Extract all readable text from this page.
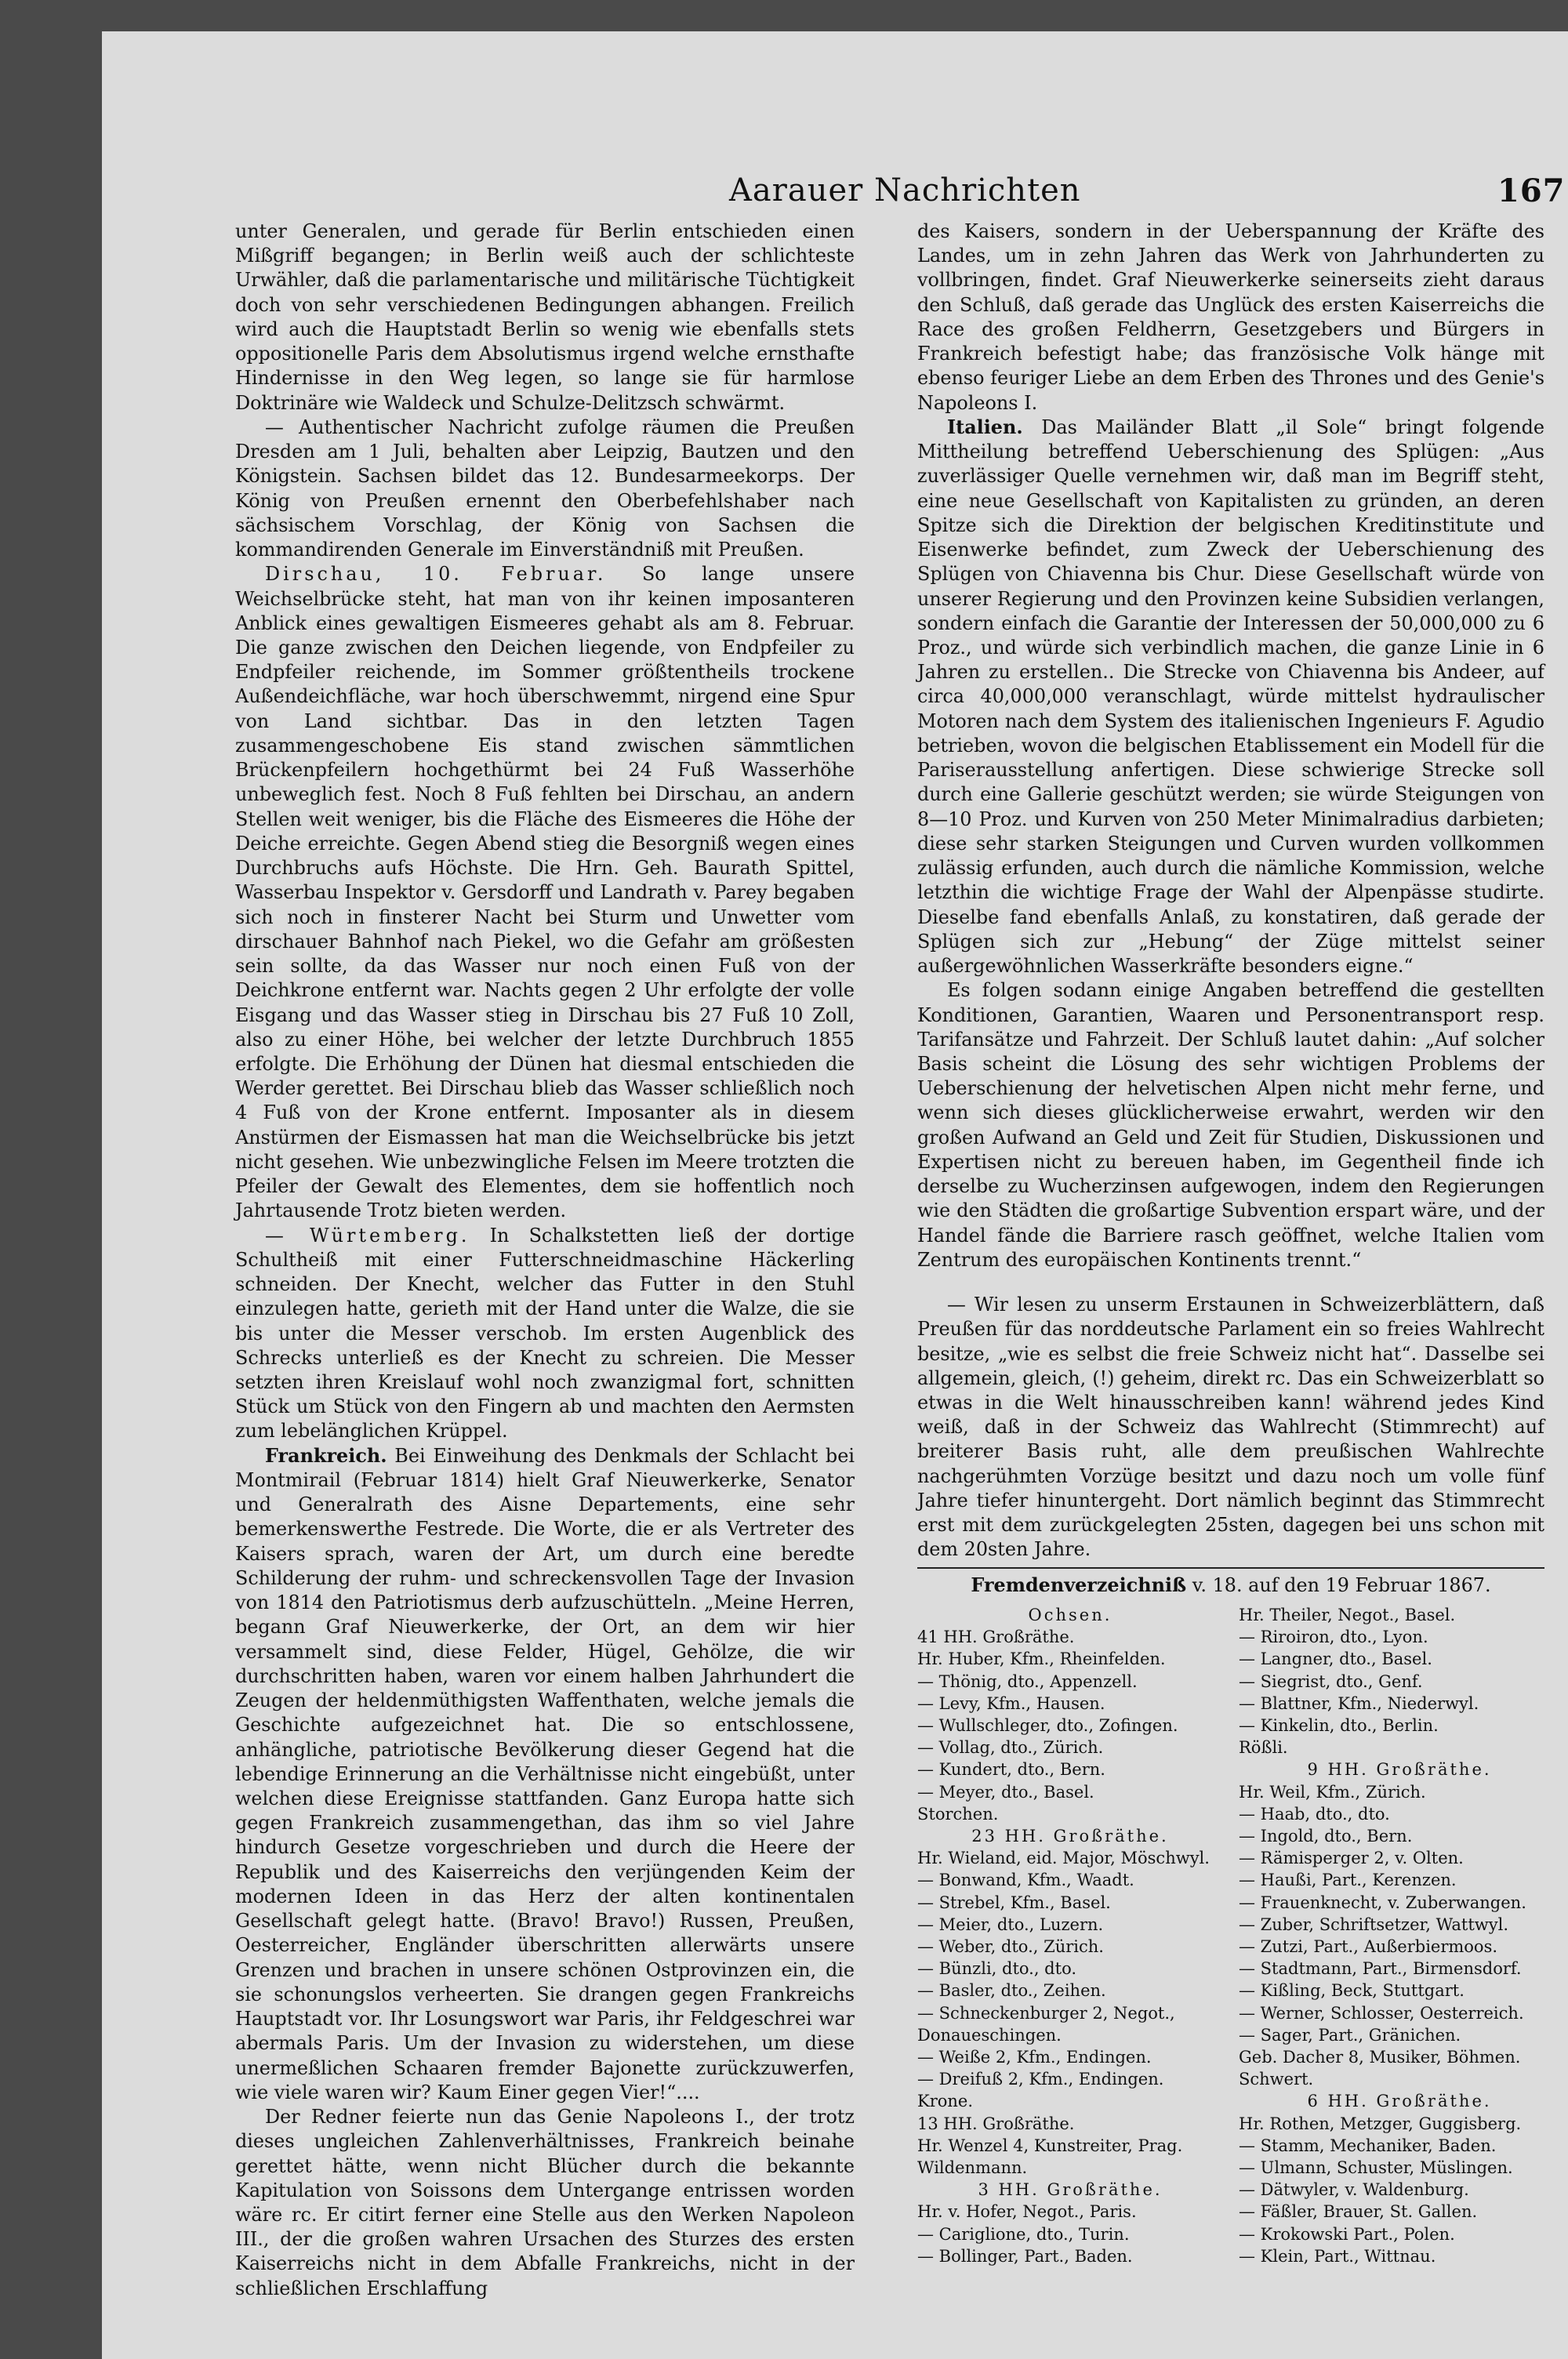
Aarauer Nachrichten	167

unter Generalen, und gerade für Berlin entschieden einen Mißgriff begangen; in Berlin weiß auch der schlichteste Urwähler, daß die parlamentarische und militärische Tüchtigkeit doch von sehr verschiedenen Bedingungen abhangen. Freilich wird auch die Hauptstadt Berlin so wenig wie ebenfalls stets oppositionelle Paris dem Absolutismus irgend welche ernsthafte Hindernisse in den Weg legen, so lange sie für harmlose Doktrinäre wie Waldeck und Schulze-Delitzsch schwärmt.

— Authentischer Nachricht zufolge räumen die Preußen Dresden am 1 Juli, behalten aber Leipzig, Bautzen und den Königstein. Sachsen bildet das 12. Bundesarmeekorps. Der König von Preußen ernennt den Oberbefehlshaber nach sächsischem Vorschlag, der König von Sachsen die kommandirenden Generale im Einverständniß mit Preußen.

Dirschau, 10. Februar. So lange unsere Weichselbrücke steht, hat man von ihr keinen imposanteren Anblick eines gewaltigen Eismeeres gehabt als am 8. Februar. Die ganze zwischen den Deichen liegende, von Endpfeiler zu Endpfeiler reichende, im Sommer größtentheils trockene Außendeichfläche, war hoch überschwemmt, nirgend eine Spur von Land sichtbar. Das in den letzten Tagen zusammengeschobene Eis stand zwischen sämmtlichen Brückenpfeilern hochgethürmt bei 24 Fuß Wasserhöhe unbeweglich fest. Noch 8 Fuß fehlten bei Dirschau, an andern Stellen weit weniger, bis die Fläche des Eismeeres die Höhe der Deiche erreichte. Gegen Abend stieg die Besorgniß wegen eines Durchbruchs aufs Höchste. Die Hrn. Geh. Baurath Spittel, Wasserbau Inspektor v. Gersdorff und Landrath v. Parey begaben sich noch in finsterer Nacht bei Sturm und Unwetter vom dirschauer Bahnhof nach Piekel, wo die Gefahr am größesten sein sollte, da das Wasser nur noch einen Fuß von der Deichkrone entfernt war. Nachts gegen 2 Uhr erfolgte der volle Eisgang und das Wasser stieg in Dirschau bis 27 Fuß 10 Zoll, also zu einer Höhe, bei welcher der letzte Durchbruch 1855 erfolgte. Die Erhöhung der Dünen hat diesmal entschieden die Werder gerettet. Bei Dirschau blieb das Wasser schließlich noch 4 Fuß von der Krone entfernt. Imposanter als in diesem Anstürmen der Eismassen hat man die Weichselbrücke bis jetzt nicht gesehen. Wie unbezwingliche Felsen im Meere trotzten die Pfeiler der Gewalt des Elementes, dem sie hoffentlich noch Jahrtausende Trotz bieten werden.

— Würtemberg. In Schalkstetten ließ der dortige Schultheiß mit einer Futterschneidmaschine Häckerling schneiden. Der Knecht, welcher das Futter in den Stuhl einzulegen hatte, gerieth mit der Hand unter die Walze, die sie bis unter die Messer verschob. Im ersten Augenblick des Schrecks unterließ es der Knecht zu schreien. Die Messer setzten ihren Kreislauf wohl noch zwanzigmal fort, schnitten Stück um Stück von den Fingern ab und machten den Aermsten zum lebelänglichen Krüppel.

Frankreich. Bei Einweihung des Denkmals der Schlacht bei Montmirail (Februar 1814) hielt Graf Nieuwerkerke, Senator und Generalrath des Aisne Departements, eine sehr bemerkenswerthe Festrede. Die Worte, die er als Vertreter des Kaisers sprach, waren der Art, um durch eine beredte Schilderung der ruhm- und schreckensvollen Tage der Invasion von 1814 den Patriotismus derb aufzuschütteln. „Meine Herren, begann Graf Nieuwerkerke, der Ort, an dem wir hier versammelt sind, diese Felder, Hügel, Gehölze, die wir durchschritten haben, waren vor einem halben Jahrhundert die Zeugen der heldenmüthigsten Waffenthaten, welche jemals die Geschichte aufgezeichnet hat. Die so entschlossene, anhängliche, patriotische Bevölkerung dieser Gegend hat die lebendige Erinnerung an die Verhältnisse nicht eingebüßt, unter welchen diese Ereignisse stattfanden. Ganz Europa hatte sich gegen Frankreich zusammengethan, das ihm so viel Jahre hindurch Gesetze vorgeschrieben und durch die Heere der Republik und des Kaiserreichs den verjüngenden Keim der modernen Ideen in das Herz der alten kontinentalen Gesellschaft gelegt hatte. (Bravo! Bravo!) Russen, Preußen, Oesterreicher, Engländer überschritten allerwärts unsere Grenzen und brachen in unsere schönen Ostprovinzen ein, die sie schonungslos verheerten. Sie drangen gegen Frankreichs Hauptstadt vor. Ihr Losungswort war Paris, ihr Feldgeschrei war abermals Paris. Um der Invasion zu widerstehen, um diese unermeßlichen Schaaren fremder Bajonette zurückzuwerfen, wie viele waren wir? Kaum Einer gegen Vier!“....

Der Redner feierte nun das Genie Napoleons I., der trotz dieses ungleichen Zahlenverhältnisses, Frankreich beinahe gerettet hätte, wenn nicht Blücher durch die bekannte Kapitulation von Soissons dem Untergange entrissen worden wäre rc. Er citirt ferner eine Stelle aus den Werken Napoleon III., der die großen wahren Ursachen des Sturzes des ersten Kaiserreichs nicht in dem Abfalle Frankreichs, nicht in der schließlichen Erschlaffung

des Kaisers, sondern in der Ueberspannung der Kräfte des Landes, um in zehn Jahren das Werk von Jahrhunderten zu vollbringen, findet. Graf Nieuwerkerke seinerseits zieht daraus den Schluß, daß gerade das Unglück des ersten Kaiserreichs die Race des großen Feldherrn, Gesetzgebers und Bürgers in Frankreich befestigt habe; das französische Volk hänge mit ebenso feuriger Liebe an dem Erben des Thrones und des Genie's Napoleons I.

Italien. Das Mailänder Blatt „il Sole“ bringt folgende Mittheilung betreffend Ueberschienung des Splügen: „Aus zuverlässiger Quelle vernehmen wir, daß man im Begriff steht, eine neue Gesellschaft von Kapitalisten zu gründen, an deren Spitze sich die Direktion der belgischen Kreditinstitute und Eisenwerke befindet, zum Zweck der Ueberschienung des Splügen von Chiavenna bis Chur. Diese Gesellschaft würde von unserer Regierung und den Provinzen keine Subsidien verlangen, sondern einfach die Garantie der Interessen der 50,000,000 zu 6 Proz., und würde sich verbindlich machen, die ganze Linie in 6 Jahren zu erstellen.. Die Strecke von Chiavenna bis Andeer, auf circa 40,000,000 veranschlagt, würde mittelst hydraulischer Motoren nach dem System des italienischen Ingenieurs F. Agudio betrieben, wovon die belgischen Etablissement ein Modell für die Pariserausstellung anfertigen. Diese schwierige Strecke soll durch eine Gallerie geschützt werden; sie würde Steigungen von 8—10 Proz. und Kurven von 250 Meter Minimalradius darbieten; diese sehr starken Steigungen und Curven wurden vollkommen zulässig erfunden, auch durch die nämliche Kommission, welche letzthin die wichtige Frage der Wahl der Alpenpässe studirte. Dieselbe fand ebenfalls Anlaß, zu konstatiren, daß gerade der Splügen sich zur „Hebung“ der Züge mittelst seiner außergewöhnlichen Wasserkräfte besonders eigne.“

Es folgen sodann einige Angaben betreffend die gestellten Konditionen, Garantien, Waaren und Personentransport resp. Tarifansätze und Fahrzeit. Der Schluß lautet dahin: „Auf solcher Basis scheint die Lösung des sehr wichtigen Problems der Ueberschienung der helvetischen Alpen nicht mehr ferne, und wenn sich dieses glücklicherweise erwahrt, werden wir den großen Aufwand an Geld und Zeit für Studien, Diskussionen und Expertisen nicht zu bereuen haben, im Gegentheil finde ich derselbe zu Wucherzinsen aufgewogen, indem den Regierungen wie den Städten die großartige Subvention erspart wäre, und der Handel fände die Barriere rasch geöffnet, welche Italien vom Zentrum des europäischen Kontinents trennt.“

— Wir lesen zu unserm Erstaunen in Schweizerblättern, daß Preußen für das norddeutsche Parlament ein so freies Wahlrecht besitze, „wie es selbst die freie Schweiz nicht hat“. Dasselbe sei allgemein, gleich, (!) geheim, direkt rc. Das ein Schweizerblatt so etwas in die Welt hinausschreiben kann! während jedes Kind weiß, daß in der Schweiz das Wahlrecht (Stimmrecht) auf breiterer Basis ruht, alle dem preußischen Wahlrechte nachgerühmten Vorzüge besitzt und dazu noch um volle fünf Jahre tiefer hinuntergeht. Dort nämlich beginnt das Stimmrecht erst mit dem zurückgelegten 25sten, dagegen bei uns schon mit dem 20sten Jahre.

Fremdenverzeichniß v. 18. auf den 19 Februar 1867.
Ochsen.
41 HH. Großräthe.
Hr. Huber, Kfm., Rheinfelden.
— Thönig, dto., Appenzell.
— Levy, Kfm., Hausen.
— Wullschleger, dto., Zofingen.
— Vollag, dto., Zürich.
— Kundert, dto., Bern.
— Meyer, dto., Basel.
Storchen.
23 HH. Großräthe.
Hr. Wieland, eid. Major, Möschwyl.
— Bonwand, Kfm., Waadt.
— Strebel, Kfm., Basel.
— Meier, dto., Luzern.
— Weber, dto., Zürich.
— Bünzli, dto., dto.
— Basler, dto., Zeihen.
— Schneckenburger 2, Negot.,
Donaueschingen.
— Weiße 2, Kfm., Endingen.
— Dreifuß 2, Kfm., Endingen.
Krone.
13 HH. Großräthe.
Hr. Wenzel 4, Kunstreiter, Prag.
Wildenmann.
3 HH. Großräthe.
Hr. v. Hofer, Negot., Paris.
— Cariglione, dto., Turin.
— Bollinger, Part., Baden.
Hr. Theiler, Negot., Basel.
— Riroiron, dto., Lyon.
— Langner, dto., Basel.
— Siegrist, dto., Genf.
— Blattner, Kfm., Niederwyl.
— Kinkelin, dto., Berlin.
Rößli.
9 HH. Großräthe.
Hr. Weil, Kfm., Zürich.
— Haab, dto., dto.
— Ingold, dto., Bern.
— Rämisperger 2, v. Olten.
— Haußi, Part., Kerenzen.
— Frauenknecht, v. Zuberwangen.
— Zuber, Schriftsetzer, Wattwyl.
— Zutzi, Part., Außerbiermoos.
— Stadtmann, Part., Birmensdorf.
— Kißling, Beck, Stuttgart.
— Werner, Schlosser, Oesterreich.
— Sager, Part., Gränichen.
Geb. Dacher 8, Musiker, Böhmen.
Schwert.
6 HH. Großräthe.
Hr. Rothen, Metzger, Guggisberg.
— Stamm, Mechaniker, Baden.
— Ulmann, Schuster, Müslingen.
— Dätwyler, v. Waldenburg.
— Fäßler, Brauer, St. Gallen.
— Krokowski Part., Polen.
— Klein, Part., Wittnau.
